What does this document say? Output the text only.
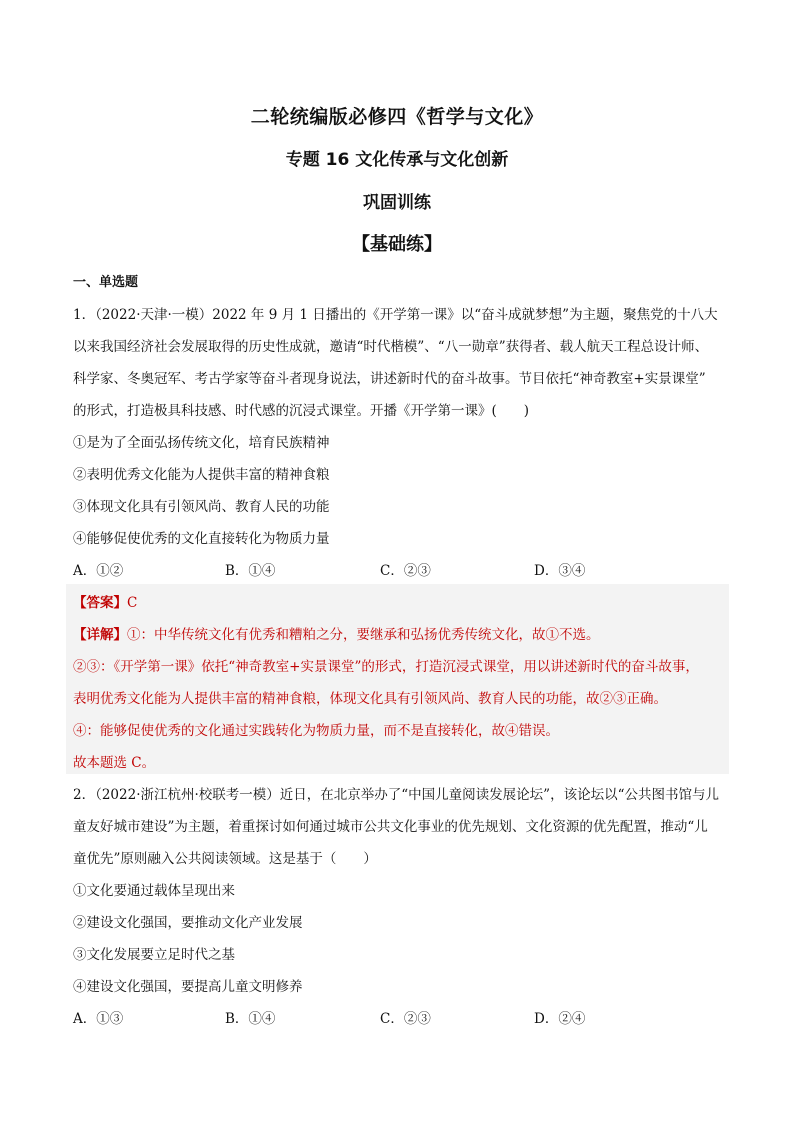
二轮统编版必修四《哲学与文化》
专题 16 文化传承与文化创新
巩固训练
【基础练】
一、单选题
1．（2022·天津·一模）2022 年 9 月 1 日播出的《开学第一课》以“奋斗成就梦想”为主题，聚焦党的十八大
以来我国经济社会发展取得的历史性成就，邀请“时代楷模”、“八一勋章”获得者、载人航天工程总设计师、
科学家、冬奥冠军、考古学家等奋斗者现身说法，讲述新时代的奋斗故事。节目依托“神奇教室+实景课堂”
的形式，打造极具科技感、时代感的沉浸式课堂。开播《开学第一课》(　　)
①是为了全面弘扬传统文化，培育民族精神
②表明优秀文化能为人提供丰富的精神食粮
③体现文化具有引领风尚、教育人民的功能
④能够促使优秀的文化直接转化为物质力量
A．①②	B．①④	C．②③	D．③④
【答案】C
【详解】①：中华传统文化有优秀和糟粕之分，要继承和弘扬优秀传统文化，故①不选。
②③：《开学第一课》依托“神奇教室+实景课堂”的形式，打造沉浸式课堂，用以讲述新时代的奋斗故事，
表明优秀文化能为人提供丰富的精神食粮，体现文化具有引领风尚、教育人民的功能，故②③正确。
④：能够促使优秀的文化通过实践转化为物质力量，而不是直接转化，故④错误。
故本题选 C。
2．（2022·浙江杭州·校联考一模）近日，在北京举办了“中国儿童阅读发展论坛”，该论坛以“公共图书馆与儿
童友好城市建设”为主题，着重探讨如何通过城市公共文化事业的优先规划、文化资源的优先配置，推动“儿
童优先”原则融入公共阅读领域。这是基于（　　）
①文化要通过载体呈现出来
②建设文化强国，要推动文化产业发展
③文化发展要立足时代之基
④建设文化强国，要提高儿童文明修养
A．①③	B．①④	C．②③	D．②④
